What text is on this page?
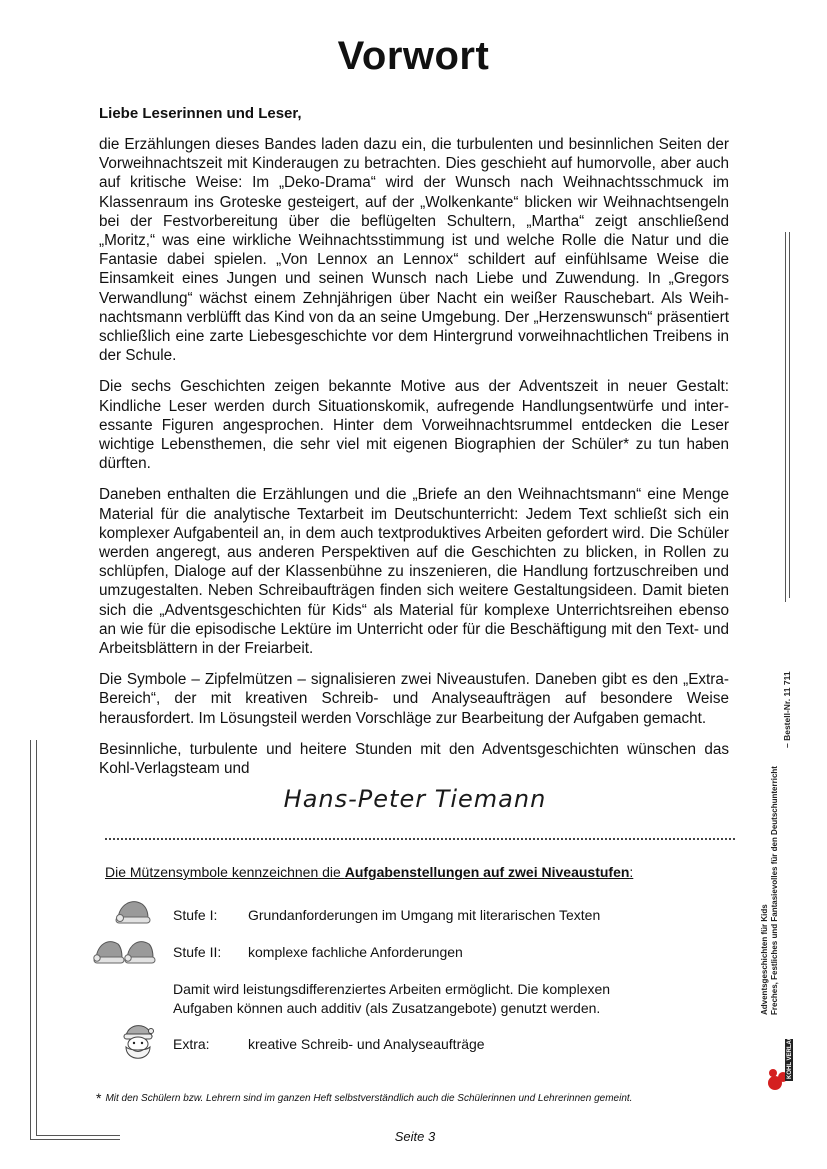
Vorwort
Liebe Leserinnen und Leser,

die Erzählungen dieses Bandes laden dazu ein, die turbulenten und besinnlichen Seiten der Vorweihnachtszeit mit Kinderaugen zu betrachten. Dies geschieht auf humorvolle, aber auch auf kritische Weise: Im „Deko-Drama“ wird der Wunsch nach Weihnachtsschmuck im Klassenraum ins Groteske gesteigert, auf der „Wolkenkante“ blicken wir Weihnachtsengeln bei der Festvorbereitung über die beflügelten Schultern, „Martha“ zeigt anschließend „Moritz,“ was eine wirkliche Weihnachtsstimmung ist und welche Rolle die Natur und die Fantasie dabei spielen. „Von Lennox an Lennox“ schildert auf einfühlsame Weise die Einsamkeit eines Jungen und seinen Wunsch nach Liebe und Zuwendung. In „Gregors Verwandlung“ wächst einem Zehnjährigen über Nacht ein weißer Rauschebart. Als Weihnachtsmann verblüfft das Kind von da an seine Umgebung. Der „Herzenswunsch“ präsentiert schließlich eine zarte Liebesgeschichte vor dem Hintergrund vorweihnachtlichen Treibens in der Schule.

Die sechs Geschichten zeigen bekannte Motive aus der Adventszeit in neuer Gestalt: Kindliche Leser werden durch Situationskomik, aufregende Handlungsentwürfe und interessante Figuren angesprochen. Hinter dem Vorweihnachtsrummel entdecken die Leser wichtige Lebensthemen, die sehr viel mit eigenen Biographien der Schüler* zu tun haben dürften.

Daneben enthalten die Erzählungen und die „Briefe an den Weihnachtsmann“ eine Menge Material für die analytische Textarbeit im Deutschunterricht: Jedem Text schließt sich ein komplexer Aufgabenteil an, in dem auch textproduktives Arbeiten gefordert wird. Die Schüler werden angeregt, aus anderen Perspektiven auf die Geschichten zu blicken, in Rollen zu schlüpfen, Dialoge auf der Klassenbühne zu inszenieren, die Handlung fortzuschreiben und umzugestalten. Neben Schreibaufträgen finden sich weitere Gestaltungsideen. Damit bieten sich die „Adventsgeschichten für Kids“ als Material für komplexe Unterrichtsreihen ebenso an wie für die episodische Lektüre im Unterricht oder für die Beschäftigung mit den Text- und Arbeitsblättern in der Freiarbeit.

Die Symbole – Zipfelmützen – signalisieren zwei Niveaustufen. Daneben gibt es den „Extra-Bereich“, der mit kreativen Schreib- und Analyseaufträgen auf besondere Weise herausfordert. Im Lösungsteil werden Vorschläge zur Bearbeitung der Aufgaben gemacht.

Besinnliche, turbulente und heitere Stunden mit den Adventsgeschichten wünschen das Kohl-Verlagsteam und

Hans-Peter Tiemann
Die Mützensymbole kennzeichnen die Aufgabenstellungen auf zwei Niveaustufen:
Stufe I: Grundanforderungen im Umgang mit literarischen Texten
Stufe II: komplexe fachliche Anforderungen
Damit wird leistungsdifferenziertes Arbeiten ermöglicht. Die komplexen Aufgaben können auch additiv (als Zusatzangebote) genutzt werden.
Extra:	kreative Schreib- und Analyseaufträge
* Mit den Schülern bzw. Lehrern sind im ganzen Heft selbstverständlich auch die Schülerinnen und Lehrerinnen gemeint.
Seite 3
– Bestell-Nr. 11 711
Adventsgeschichten für Kids Freches, Festliches und Fantasievolles für den Deutschunterricht
KOHL VERLAG
